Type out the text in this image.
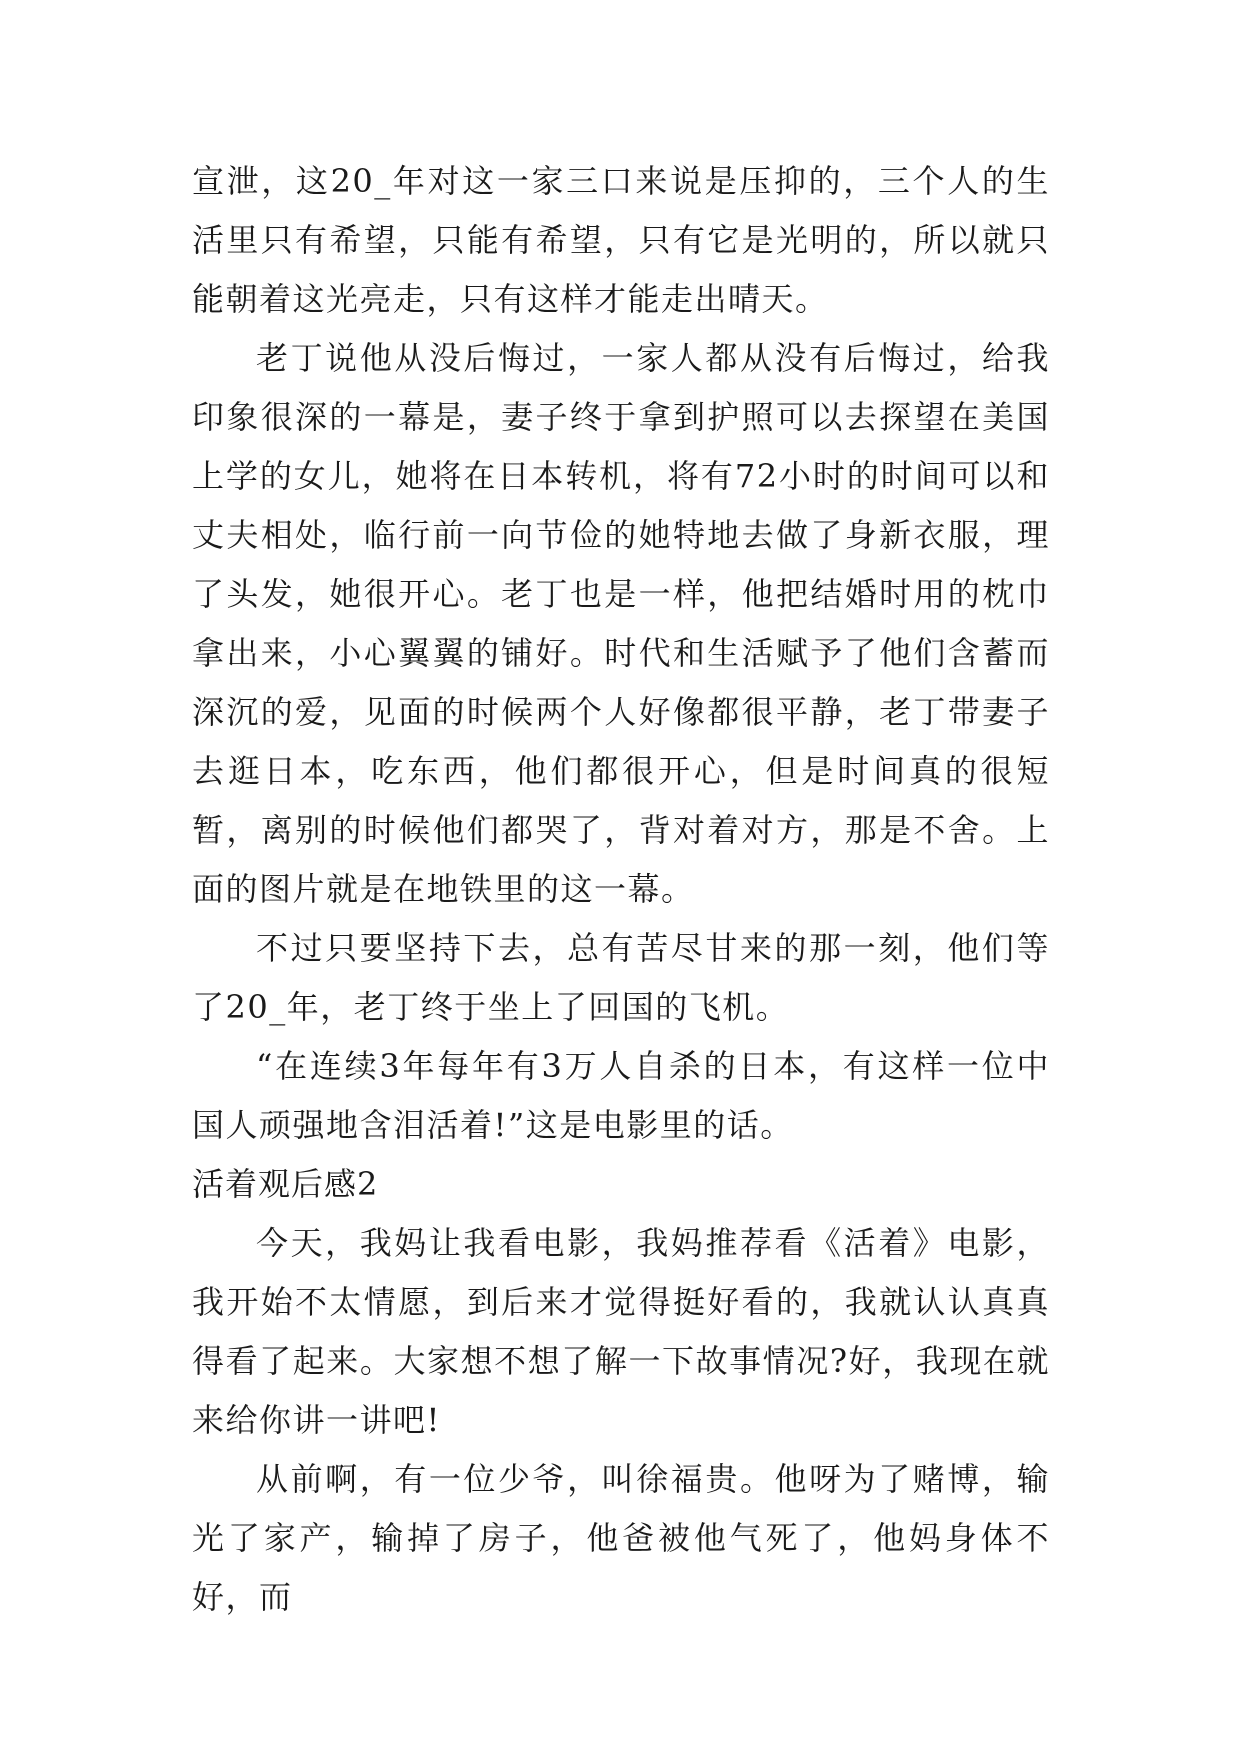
宣泄，这20_年对这一家三口来说是压抑的，三个人的生活里只有希望，只能有希望，只有它是光明的，所以就只能朝着这光亮走，只有这样才能走出晴天。

老丁说他从没后悔过，一家人都从没有后悔过，给我印象很深的一幕是，妻子终于拿到护照可以去探望在美国上学的女儿，她将在日本转机，将有72小时的时间可以和丈夫相处，临行前一向节俭的她特地去做了身新衣服，理了头发，她很开心。老丁也是一样，他把结婚时用的枕巾拿出来，小心翼翼的铺好。时代和生活赋予了他们含蓄而深沉的爱，见面的时候两个人好像都很平静，老丁带妻子去逛日本，吃东西，他们都很开心，但是时间真的很短暂，离别的时候他们都哭了，背对着对方，那是不舍。上面的图片就是在地铁里的这一幕。

不过只要坚持下去，总有苦尽甘来的那一刻，他们等了20_年，老丁终于坐上了回国的飞机。

“在连续3年每年有3万人自杀的日本，有这样一位中国人顽强地含泪活着!”这是电影里的话。

活着观后感2

今天，我妈让我看电影，我妈推荐看《活着》电影，我开始不太情愿，到后来才觉得挺好看的，我就认认真真得看了起来。大家想不想了解一下故事情况?好，我现在就来给你讲一讲吧!

从前啊，有一位少爷，叫徐福贵。他呀为了赌博，输光了家产，输掉了房子，他爸被他气死了，他妈身体不好，而
